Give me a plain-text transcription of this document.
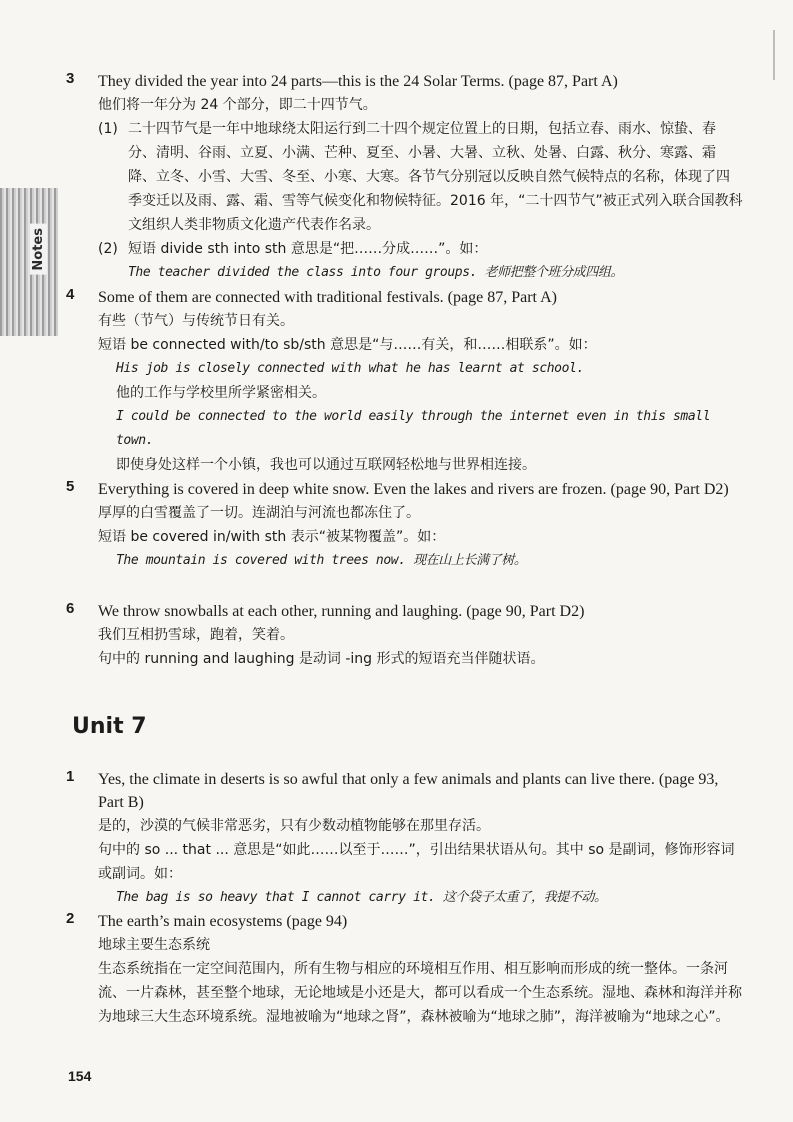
Notes
3 They divided the year into 24 parts—this is the 24 Solar Terms. (page 87, Part A)

他们将一年分为 24 个部分，即二十四节气。

(1) 二十四节气是一年中地球绕太阳运行到二十四个规定位置上的日期，包括立春、雨水、惊蛰、春分、清明、谷雨、立夏、小满、芒种、夏至、小暑、大暑、立秋、处暑、白露、秋分、寒露、霜降、立冬、小雪、大雪、冬至、小寒、大寒。各节气分别冠以反映自然气候特点的名称，体现了四季变迁以及雨、露、霜、雪等气候变化和物候特征。2016 年，“二十四节气”被正式列入联合国教科文组织人类非物质文化遗产代表作名录。

(2) 短语 divide sth into sth 意思是“把……分成……”。如：

The teacher divided the class into four groups. 老师把整个班分成四组。

4 Some of them are connected with traditional festivals. (page 87, Part A)

有些（节气）与传统节日有关。

短语 be connected with/to sb/sth 意思是“与……有关，和……相联系”。如：

His job is closely connected with what he has learnt at school.

他的工作与学校里所学紧密相关。

I could be connected to the world easily through the internet even in this small town.

即使身处这样一个小镇，我也可以通过互联网轻松地与世界相连接。

5 Everything is covered in deep white snow. Even the lakes and rivers are frozen. (page 90, Part D2)

厚厚的白雪覆盖了一切。连湖泊与河流也都冻住了。

短语 be covered in/with sth 表示“被某物覆盖”。如：

The mountain is covered with trees now. 现在山上长满了树。

6 We throw snowballs at each other, running and laughing. (page 90, Part D2)

我们互相扔雪球，跑着，笑着。

句中的 running and laughing 是动词 -ing 形式的短语充当伴随状语。

Unit 7
1 Yes, the climate in deserts is so awful that only a few animals and plants can live there. (page 93, Part B)

是的，沙漠的气候非常恶劣，只有少数动植物能够在那里存活。

句中的 so ... that ... 意思是“如此……以至于……”，引出结果状语从句。其中 so 是副词，修饰形容词或副词。如：

The bag is so heavy that I cannot carry it. 这个袋子太重了，我提不动。

2 The earth’s main ecosystems (page 94)

地球主要生态系统

生态系统指在一定空间范围内，所有生物与相应的环境相互作用、相互影响而形成的统一整体。一条河流、一片森林，甚至整个地球，无论地域是小还是大，都可以看成一个生态系统。湿地、森林和海洋并称为地球三大生态环境系统。湿地被喻为“地球之肾”，森林被喻为“地球之肺”，海洋被喻为“地球之心”。

154
